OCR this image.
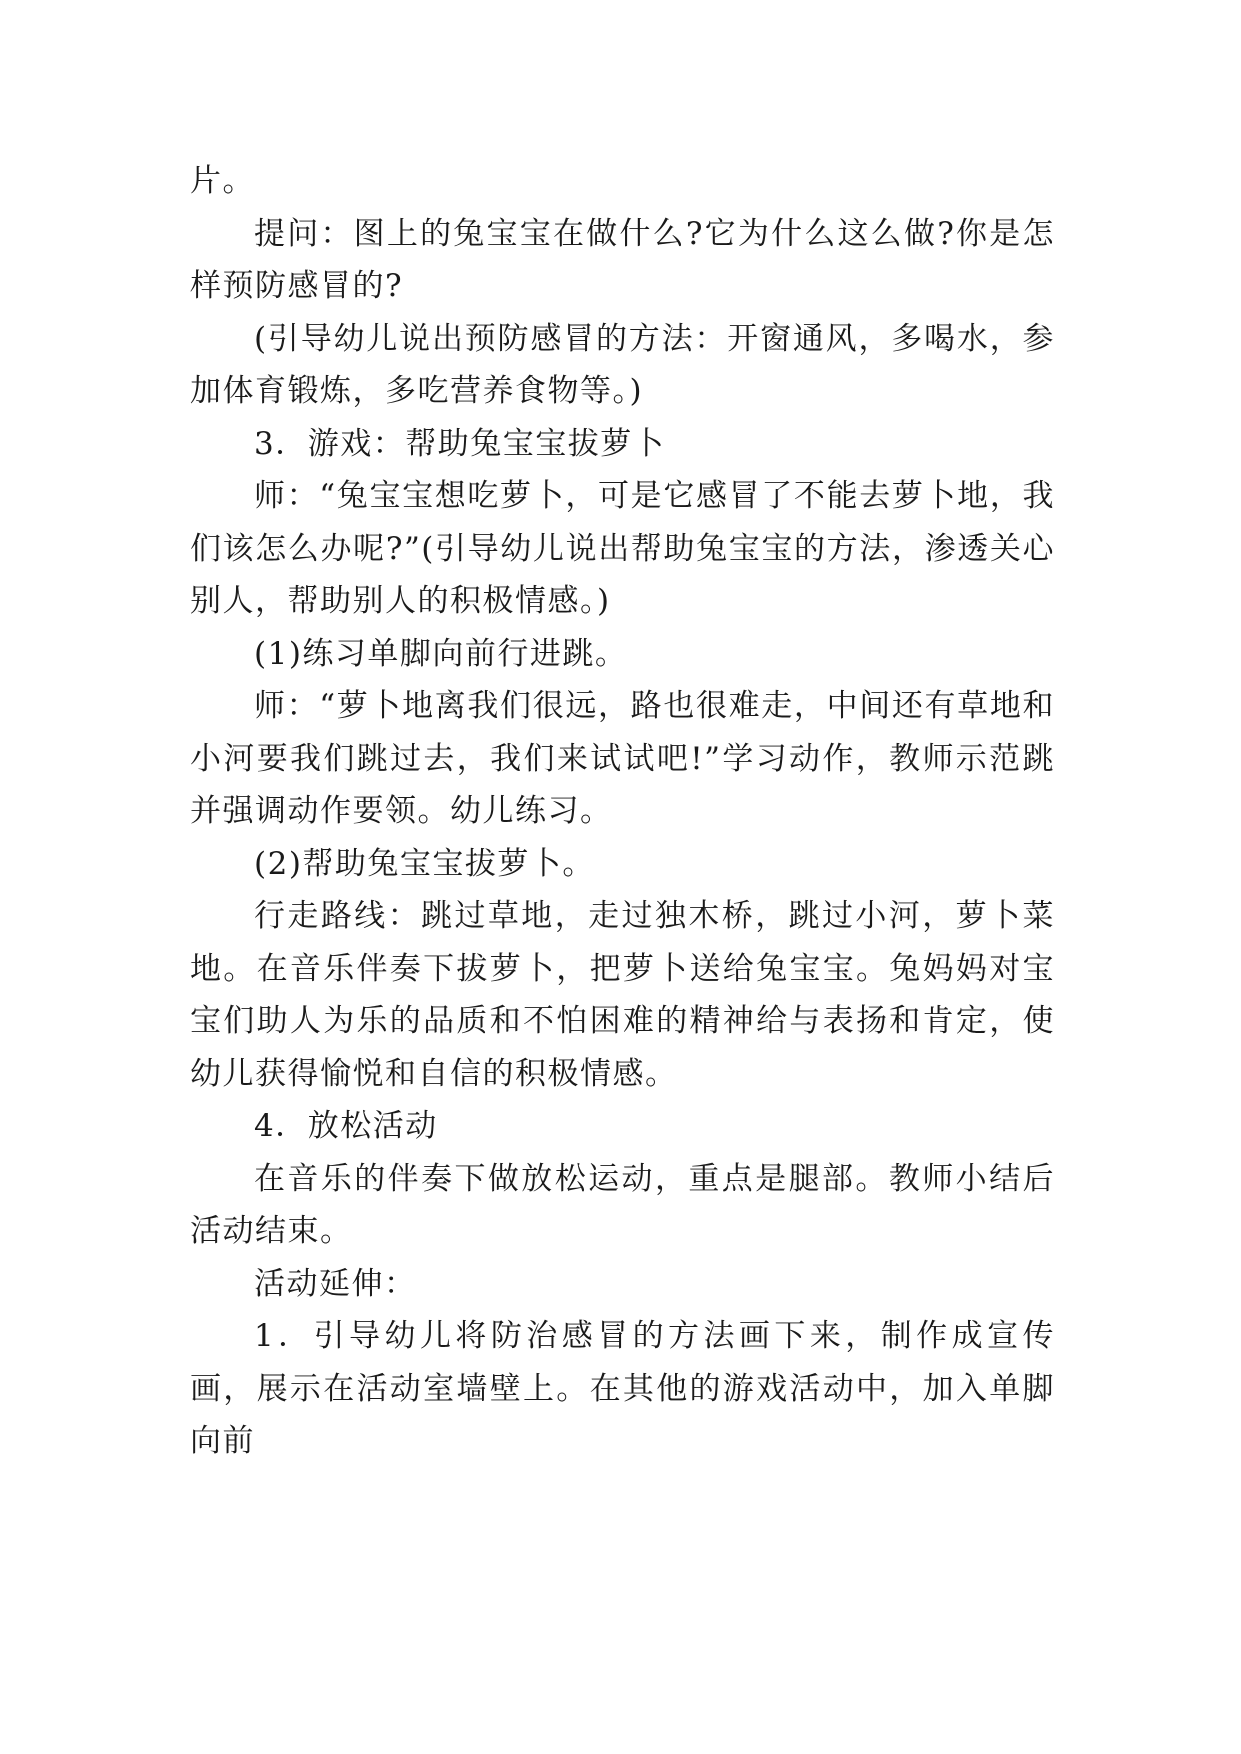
片。

提问：图上的兔宝宝在做什么?它为什么这么做?你是怎样预防感冒的?

(引导幼儿说出预防感冒的方法：开窗通风，多喝水，参加体育锻炼，多吃营养食物等。)

3．游戏：帮助兔宝宝拔萝卜

师：“兔宝宝想吃萝卜，可是它感冒了不能去萝卜地，我们该怎么办呢?”(引导幼儿说出帮助兔宝宝的方法，渗透关心别人，帮助别人的积极情感。)

(1)练习单脚向前行进跳。

师：“萝卜地离我们很远，路也很难走，中间还有草地和小河要我们跳过去，我们来试试吧!”学习动作，教师示范跳并强调动作要领。幼儿练习。

(2)帮助兔宝宝拔萝卜。

行走路线：跳过草地，走过独木桥，跳过小河，萝卜菜地。在音乐伴奏下拔萝卜，把萝卜送给兔宝宝。兔妈妈对宝宝们助人为乐的品质和不怕困难的精神给与表扬和肯定，使幼儿获得愉悦和自信的积极情感。

4．放松活动

在音乐的伴奏下做放松运动，重点是腿部。教师小结后活动结束。

活动延伸：

1．引导幼儿将防治感冒的方法画下来，制作成宣传画，展示在活动室墙壁上。在其他的游戏活动中，加入单脚向前
